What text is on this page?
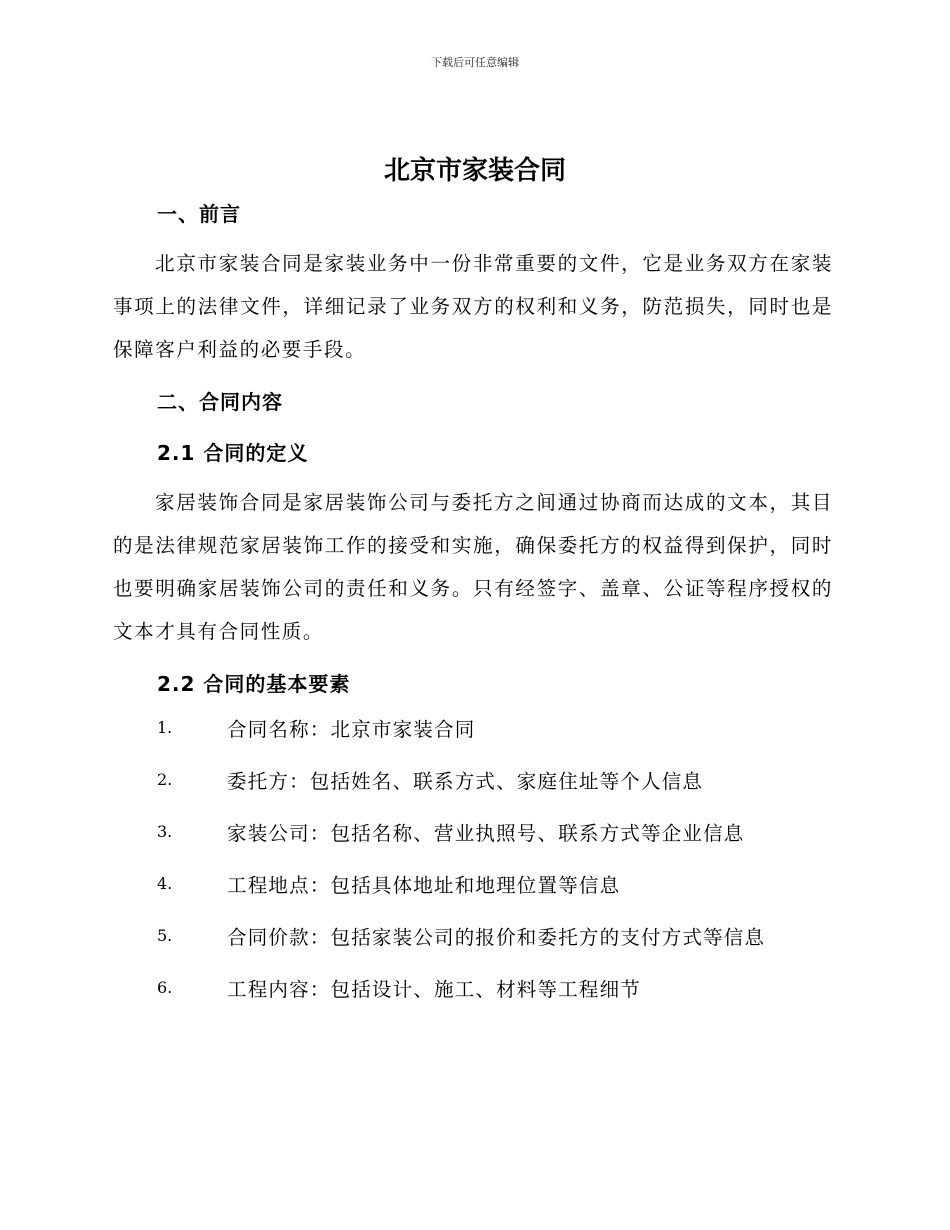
下载后可任意编辑
北京市家装合同
一、前言
北京市家装合同是家装业务中一份非常重要的文件，它是业务双方在家装事项上的法律文件，详细记录了业务双方的权利和义务，防范损失，同时也是保障客户利益的必要手段。
二、合同内容
2.1 合同的定义
家居装饰合同是家居装饰公司与委托方之间通过协商而达成的文本，其目的是法律规范家居装饰工作的接受和实施，确保委托方的权益得到保护，同时也要明确家居装饰公司的责任和义务。只有经签字、盖章、公证等程序授权的文本才具有合同性质。
2.2 合同的基本要素
1.	合同名称：北京市家装合同
2.	委托方：包括姓名、联系方式、家庭住址等个人信息
3.	家装公司：包括名称、营业执照号、联系方式等企业信息
4.	工程地点：包括具体地址和地理位置等信息
5.	合同价款：包括家装公司的报价和委托方的支付方式等信息
6.	工程内容：包括设计、施工、材料等工程细节
